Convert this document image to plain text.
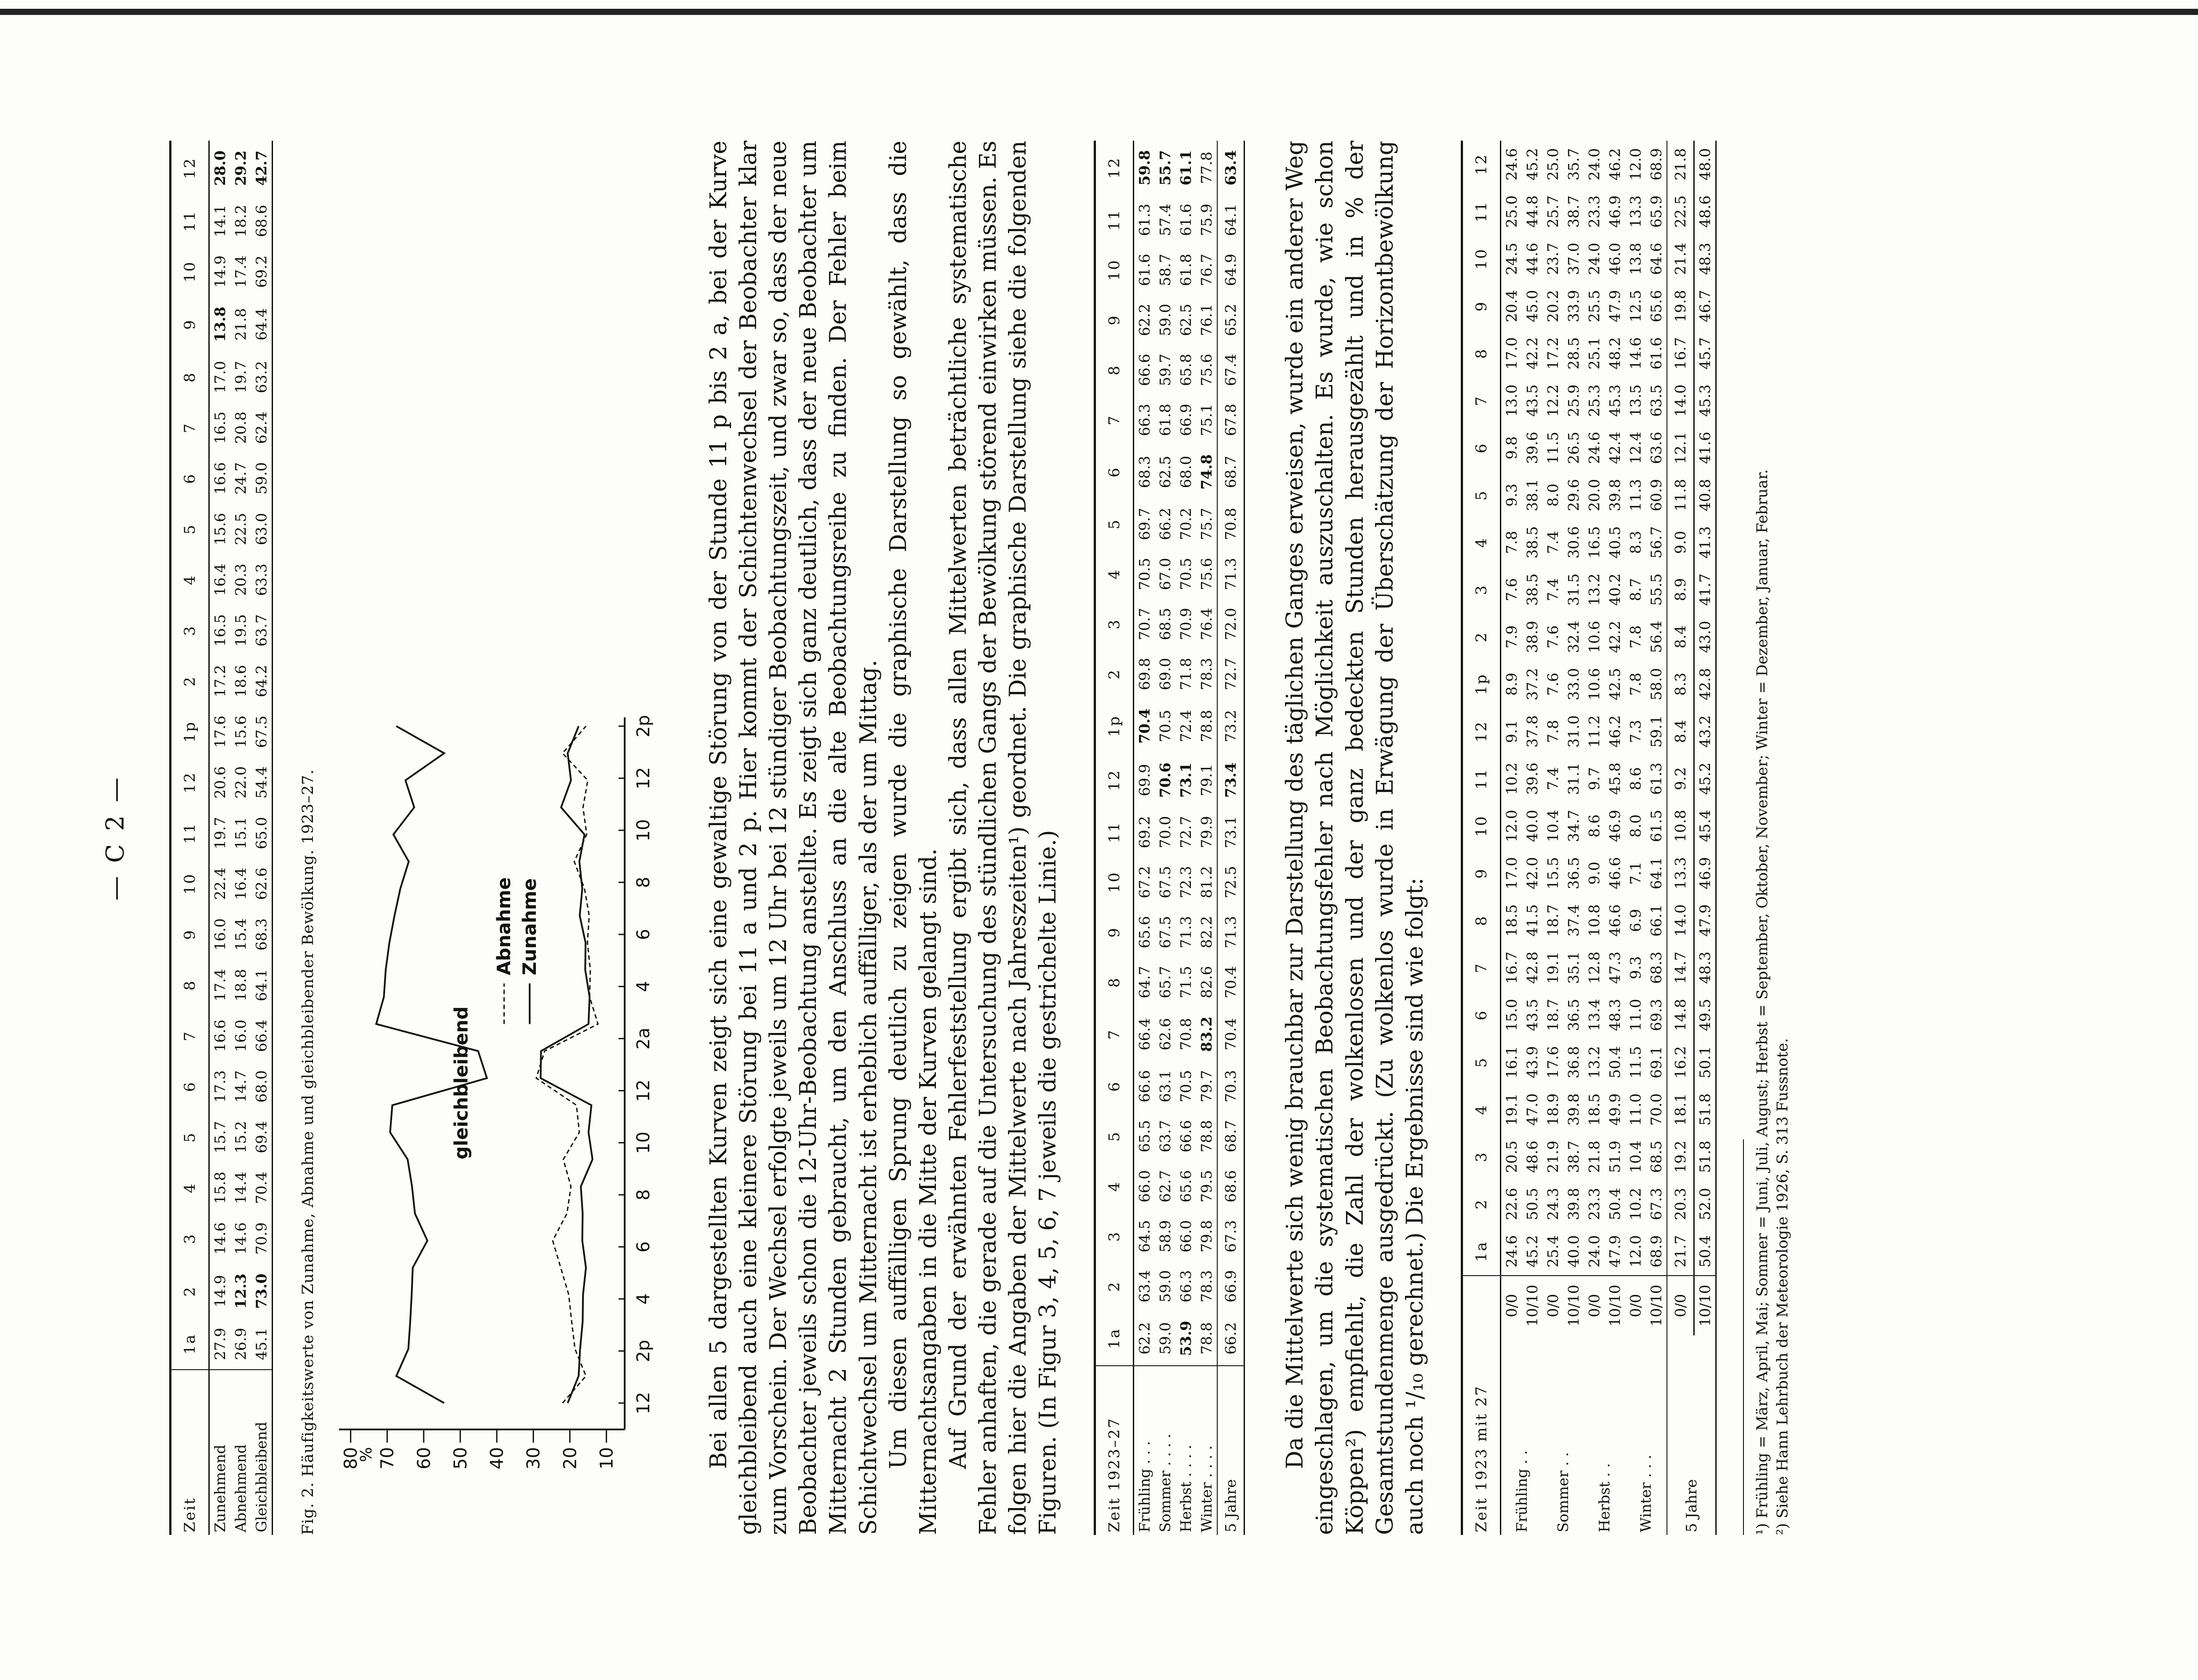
— C 2 —
Zeit	1a	2	3	4	5	6	7	8	9	10	11	12	1p	2	3	4	5	6	7	8	9	10	11	12
Zunehmend	27.9	14.9	14.6	15.8	15.7	17.3	16.6	17.4	16.0	22.4	19.7	20.6	17.6	17.2	16.5	16.4	15.6	16.6	16.5	17.0	13.8	14.9	14.1	28.0
Abnehmend	26.9	12.3	14.6	14.4	15.2	14.7	16.0	18.8	15.4	16.4	15.1	22.0	15.6	18.6	19.5	20.3	22.5	24.7	20.8	19.7	21.8	17.4	18.2	29.2
Gleichbleibend	45.1	73.0	70.9	70.4	69.4	68.0	66.4	64.1	68.3	62.6	65.0	54.4	67.5	64.2	63.7	63.3	63.0	59.0	62.4	63.2	64.4	69.2	68.6	42.7
Fig. 2. Häufigkeitswerte von Zunahme, Abnahme und gleichbleibender Bewölkung. 1923–27.	10
20
30
40
50
60
70
80
%
12
2p
4
6
8
10
12
2a
4
6
8
10
12
2p
gleichbleibend
Abnahme Zunahme	Bei allen 5 dargestellten Kurven zeigt sich eine gewaltige Störung von der Stunde 11 p bis 2 a, bei der Kurve gleichbleibend auch eine kleinere Störung bei 11 a und 2 p. Hier kommt der Schichtenwechsel der Beobachter klar zum Vorschein. Der Wechsel erfolgte jeweils um 12 Uhr bei 12 stündiger Beobachtungszeit, und zwar so, dass der neue Beobachter jeweils schon die 12-Uhr-Beobachtung anstellte. Es zeigt sich ganz deutlich, dass der neue Beobachter um Mitternacht 2 Stunden gebraucht, um den Anschluss an die alte Beobachtungsreihe zu finden. Der Fehler beim Schichtwechsel um Mitternacht ist erheblich auffälliger, als der um Mittag. Um diesen auffälligen Sprung deutlich zu zeigen wurde die graphische Darstellung so gewählt, dass die Mitternachtsangaben in die Mitte der Kurven gelangt sind. Auf Grund der erwähnten Fehlerfeststellung ergibt sich, dass allen Mittelwerten beträchtliche systematische Fehler anhaften, die gerade auf die Untersuchung des stündlichen Gangs der Bewölkung störend einwirken müssen. Es folgen hier die Angaben der Mittelwerte nach Jahreszeiten¹) geordnet. Die graphische Darstellung siehe die folgenden Figuren. (In Figur 3, 4, 5, 6, 7 jeweils die gestrichelte Linie.)	Zeit 1923–27	1a	2	3	4	5	6	7	8	9	10	11	12	1p	2	3	4	5	6	7	8	9	10	11	12
Frühling . . .	62.2	63.4	64.5	66.0	65.5	66.6	66.4	64.7	65.6	67.2	69.2	69.9	70.4	69.8	70.7	70.5	69.7	68.3	66.3	66.6	62.2	61.6	61.3	59.8
Sommer . . . .	59.0	59.0	58.9	62.7	63.7	63.1	62.6	65.7	67.5	67.5	70.0	70.6	70.5	69.0	68.5	67.0	66.2	62.5	61.8	59.7	59.0	58.7	57.4	55.7
Herbst . . . .	53.9	66.3	66.0	65.6	66.6	70.5	70.8	71.5	71.3	72.3	72.7	73.1	72.4	71.8	70.9	70.5	70.2	68.0	66.9	65.8	62.5	61.8	61.6	61.1
Winter . . . .	78.8	78.3	79.8	79.5	78.8	79.7	83.2	82.6	82.2	81.2	79.9	79.1	78.8	78.3	76.4	75.6	75.7	74.8	75.1	75.6	76.1	76.7	75.9	77.8
5 Jahre	66.2	66.9	67.3	68.6	68.7	70.3	70.4	70.4	71.3	72.5	73.1	73.4	73.2	72.7	72.0	71.3	70.8	68.7	67.8	67.4	65.2	64.9	64.1	63.4 Da die Mittelwerte sich wenig brauchbar zur Darstellung des täglichen Ganges erweisen, wurde ein anderer Weg eingeschlagen, um die systematischen Beobachtungsfehler nach Möglichkeit auszuschalten. Es wurde, wie schon Köppen²) empfiehlt, die Zahl der wolkenlosen und der ganz bedeckten Stunden herausgezählt und in % der Gesamtstundenmenge ausgedrückt. (Zu wolkenlos wurde in Erwägung der Überschätzung der Horizontbewölkung auch noch ¹/₁₀ gerechnet.) Die Ergebnisse sind wie folgt:	Zeit 1923 mit 27		1a	2	3	4	5	6	7	8	9	10	11	12	1p	2	3	4	5	6	7	8	9	10	11	12
Frühling . .	0/0	24.6	22.6	20.5	19.1	16.1	15.0	16.7	18.5	17.0	12.0	10.2	9.1	8.9	7.9	7.6	7.8	9.3	9.8	13.0	17.0	20.4	24.5	25.0	24.6
	10/10	45.2	50.5	48.6	47.0	43.9	43.5	42.8	41.5	42.0	40.0	39.6	37.8	37.2	38.9	38.5	38.5	38.1	39.6	43.5	42.2	45.0	44.6	44.8	45.2
Sommer . .	0/0	25.4	24.3	21.9	18.9	17.6	18.7	19.1	18.7	15.5	10.4	7.4	7.8	7.6	7.6	7.4	7.4	8.0	11.5	12.2	17.2	20.2	23.7	25.7	25.0
	10/10	40.0	39.8	38.7	39.8	36.8	36.5	35.1	37.4	36.5	34.7	31.1	31.0	33.0	32.4	31.5	30.6	29.6	26.5	25.9	28.5	33.9	37.0	38.7	35.7
Herbst . .	0/0	24.0	23.3	21.8	18.5	13.2	13.4	12.8	10.8	9.0	8.6	9.7	11.2	10.6	10.6	13.2	16.5	20.0	24.6	25.3	25.1	25.5	24.0	23.3	24.0
	10/10	47.9	50.4	51.9	49.9	50.4	48.3	47.3	46.6	46.6	46.9	45.8	46.2	42.5	42.2	40.2	40.5	39.8	42.4	45.3	48.2	47.9	46.0	46.9	46.2
Winter . . .	0/0	12.0	10.2	10.4	11.0	11.5	11.0	9.3	6.9	7.1	8.0	8.6	7.3	7.8	7.8	8.7	8.3	11.3	12.4	13.5	14.6	12.5	13.8	13.3	12.0
	10/10	68.9	67.3	68.5	70.0	69.1	69.3	68.3	66.1	64.1	61.5	61.3	59.1	58.0	56.4	55.5	56.7	60.9	63.6	63.5	61.6	65.6	64.6	65.9	68.9
5 Jahre	0/0	21.7	20.3	19.2	18.1	16.2	14.8	14.7	14.0	13.3	10.8	9.2	8.4	8.3	8.4	8.9	9.0	11.8	12.1	14.0	16.7	19.8	21.4	22.5	21.8
	10/10	50.4	52.0	51.8	51.8	50.1	49.5	48.3	47.9	46.9	45.4	45.2	43.2	42.8	43.0	41.7	41.3	40.8	41.6	45.3	45.7	46.7	48.3	48.6	48.0
¹) Frühling = März, April, Mai; Sommer = Juni, Juli, August; Herbst = September, Oktober, November; Winter = Dezember, Januar, Februar. ²) Siehe Hann Lehrbuch der Meteorologie 1926, S. 313 Fussnote.
